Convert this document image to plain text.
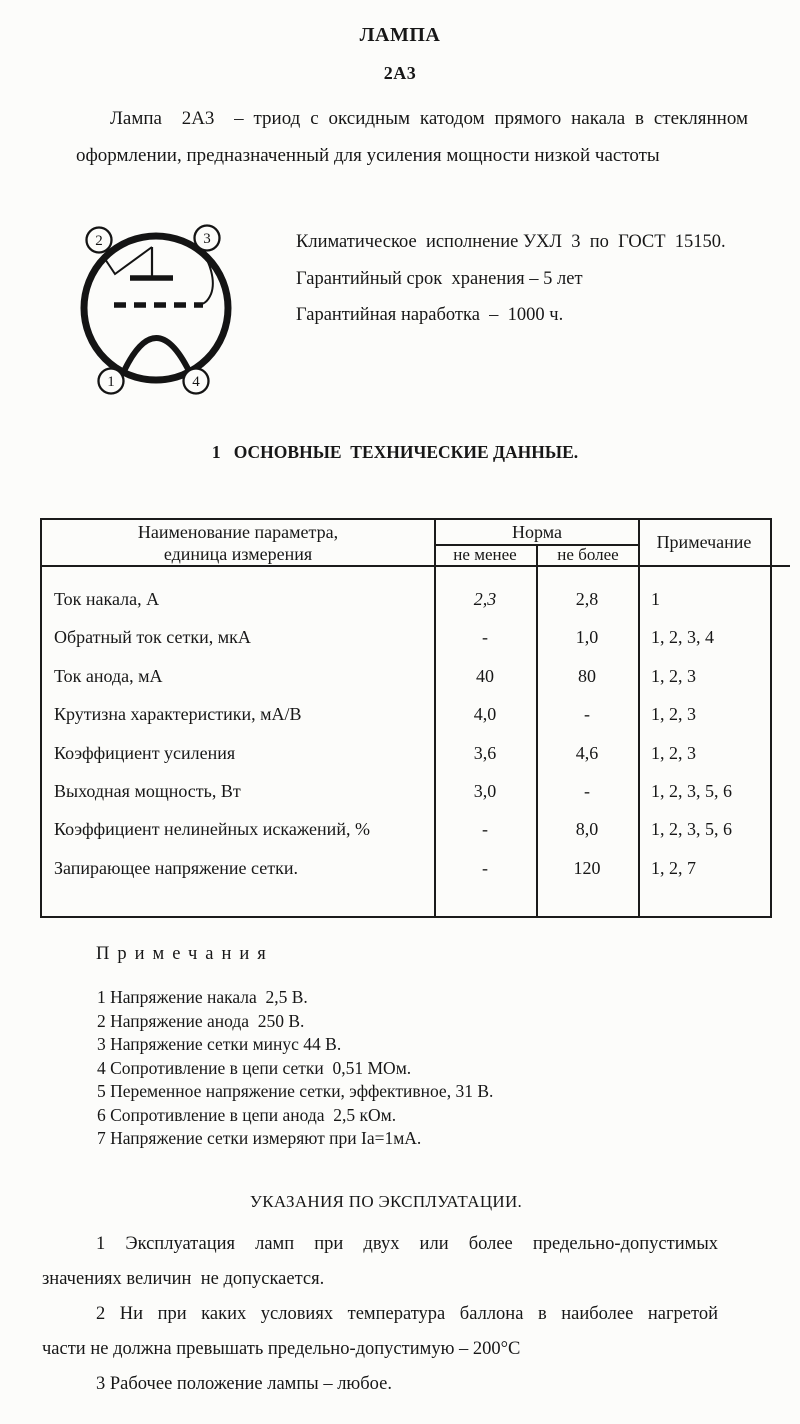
ЛАМПА
2А3
Лампа  2А3  – триод с оксидным катодом прямого накала в стеклянном
оформлении, предназначенный для усиления мощности низкой частоты
2	3
1	4
Климатическое  исполнение УХЛ  3  по  ГОСТ  15150.
Гарантийный срок  хранения – 5 лет
Гарантийная наработка  –  1000 ч.
1   ОСНОВНЫЕ  ТЕХНИЧЕСКИЕ ДАННЫЕ.
Наименование параметра,
единица измерения
Норма
не менее	не более
Примечание
Ток накала, А	2,3	2,8	1
Обратный ток сетки, мкА	-	1,0	1, 2, 3, 4
Ток анода, мА	40	80	1, 2, 3
Крутизна характеристики, мА/В	4,0	-	1, 2, 3
Коэффициент усиления	3,6	4,6	1, 2, 3
Выходная мощность, Вт	3,0	-	1, 2, 3, 5, 6
Коэффициент нелинейных искажений, %	-	8,0	1, 2, 3, 5, 6
Запирающее напряжение сетки.	-	120	1, 2, 7
Примечания
1 Напряжение накала  2,5 В.
2 Напряжение анода  250 В.
3 Напряжение сетки минус 44 В.
4 Сопротивление в цепи сетки  0,51 МОм.
5 Переменное напряжение сетки, эффективное, 31 В.
6 Сопротивление в цепи анода  2,5 кОм.
7 Напряжение сетки измеряют при Ia=1мА.
УКАЗАНИЯ ПО ЭКСПЛУАТАЦИИ.
1 Эксплуатация ламп при двух или более предельно-допустимых
значениях величин  не допускается.
2 Ни при каких условиях температура баллона в наиболее нагретой
части не должна превышать предельно-допустимую – 200°С
3 Рабочее положение лампы – любое.
